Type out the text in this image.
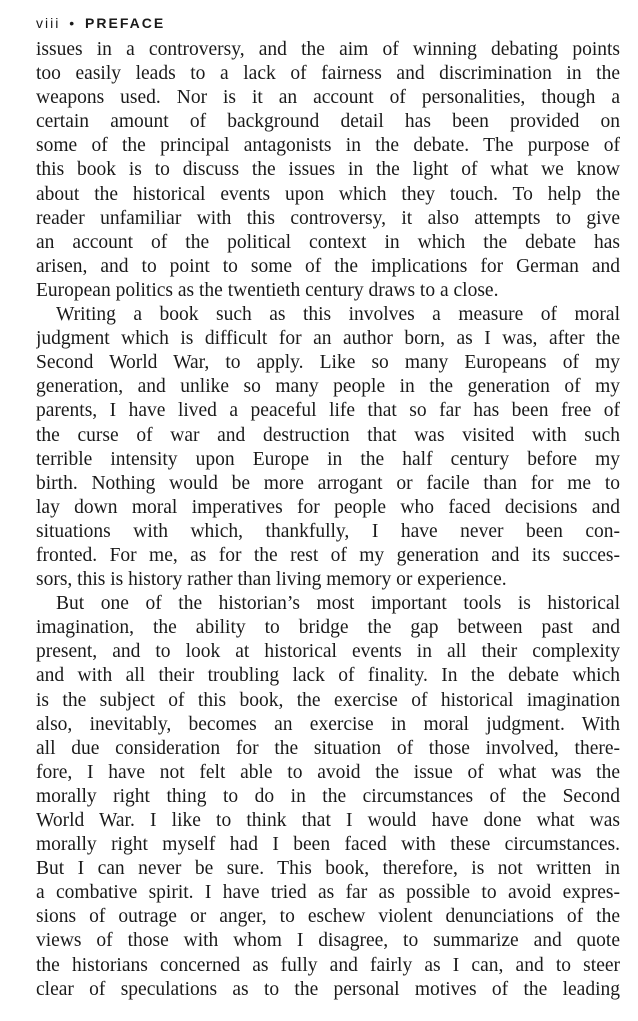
viii • PREFACE
issues in a controversy, and the aim of winning debating points
too easily leads to a lack of fairness and discrimination in the
weapons used. Nor is it an account of personalities, though a
certain amount of background detail has been provided on
some of the principal antagonists in the debate. The purpose of
this book is to discuss the issues in the light of what we know
about the historical events upon which they touch. To help the
reader unfamiliar with this controversy, it also attempts to give
an account of the political context in which the debate has
arisen, and to point to some of the implications for German and
European politics as the twentieth century draws to a close.
Writing a book such as this involves a measure of moral
judgment which is difficult for an author born, as I was, after the
Second World War, to apply. Like so many Europeans of my
generation, and unlike so many people in the generation of my
parents, I have lived a peaceful life that so far has been free of
the curse of war and destruction that was visited with such
terrible intensity upon Europe in the half century before my
birth. Nothing would be more arrogant or facile than for me to
lay down moral imperatives for people who faced decisions and
situations with which, thankfully, I have never been con-
fronted. For me, as for the rest of my generation and its succes-
sors, this is history rather than living memory or experience.
But one of the historian’s most important tools is historical
imagination, the ability to bridge the gap between past and
present, and to look at historical events in all their complexity
and with all their troubling lack of finality. In the debate which
is the subject of this book, the exercise of historical imagination
also, inevitably, becomes an exercise in moral judgment. With
all due consideration for the situation of those involved, there-
fore, I have not felt able to avoid the issue of what was the
morally right thing to do in the circumstances of the Second
World War. I like to think that I would have done what was
morally right myself had I been faced with these circumstances.
But I can never be sure. This book, therefore, is not written in
a combative spirit. I have tried as far as possible to avoid expres-
sions of outrage or anger, to eschew violent denunciations of the
views of those with whom I disagree, to summarize and quote
the historians concerned as fully and fairly as I can, and to steer
clear of speculations as to the personal motives of the leading
